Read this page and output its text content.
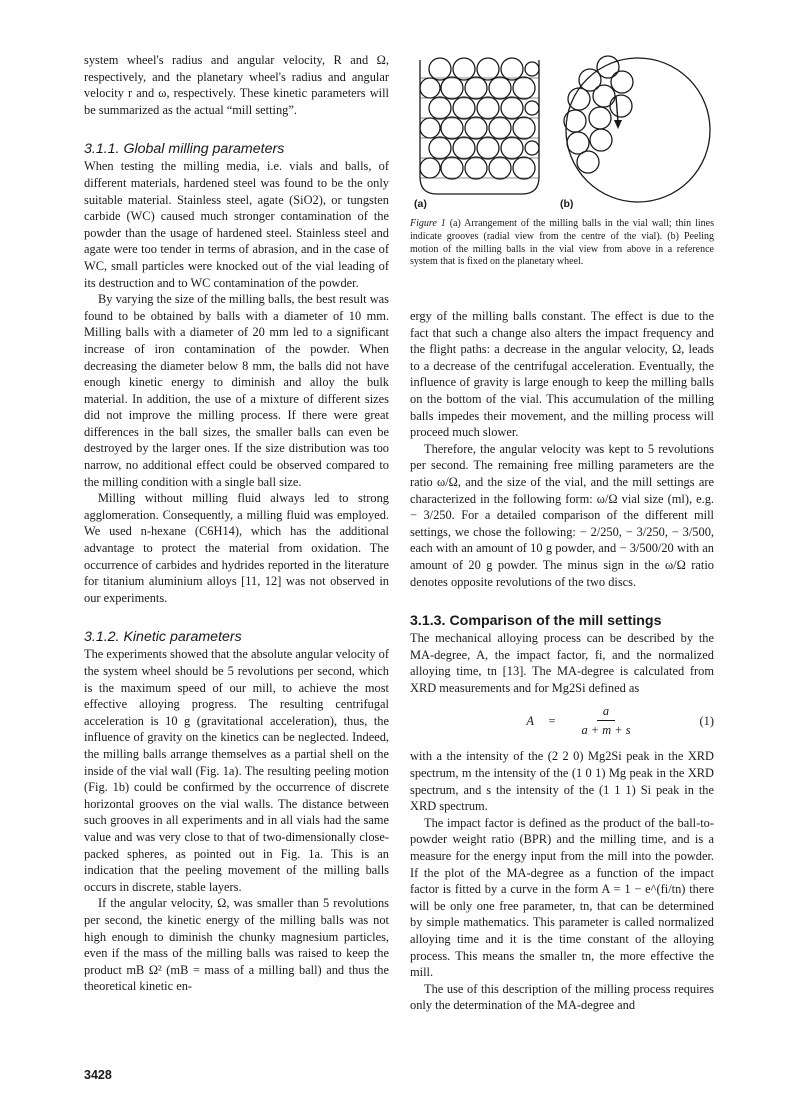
system wheel's radius and angular velocity, R and Ω, respectively, and the planetary wheel's radius and angular velocity r and ω, respectively. These kinetic parameters will be summarized as the actual “mill setting”.

3.1.1. Global milling parameters

When testing the milling media, i.e. vials and balls, of different materials, hardened steel was found to be the only suitable material. Stainless steel, agate (SiO2), or tungsten carbide (WC) caused much stronger contamination of the powder than the usage of hardened steel. Stainless steel and agate were too tender in terms of abrasion, and in the case of WC, small particles were knocked out of the vial leading of its destruction and to WC contamination of the powder.

By varying the size of the milling balls, the best result was found to be obtained by balls with a diameter of 10 mm. Milling balls with a diameter of 20 mm led to a significant increase of iron contamination of the powder. When decreasing the diameter below 8 mm, the balls did not have enough kinetic energy to diminish and alloy the bulk material. In addition, the use of a mixture of different sizes did not improve the milling process. If there were great differences in the ball sizes, the smaller balls can even be destroyed by the larger ones. If the size distribution was too narrow, no additional effect could be observed compared to the milling condition with a single ball size.

Milling without milling fluid always led to strong agglomeration. Consequently, a milling fluid was employed. We used n-hexane (C6H14), which has the additional advantage to protect the material from oxidation. The occurrence of carbides and hydrides reported in the literature for titanium aluminium alloys [11, 12] was not observed in our experiments.

3.1.2. Kinetic parameters

The experiments showed that the absolute angular velocity of the system wheel should be 5 revolutions per second, which is the maximum speed of our mill, to achieve the most effective alloying progress. The resulting centrifugal acceleration is 10 g (gravitational acceleration), thus, the influence of gravity on the kinetics can be neglected. Indeed, the milling balls arrange themselves as a partial shell on the inside of the vial wall (Fig. 1a). The resulting peeling motion (Fig. 1b) could be confirmed by the occurrence of discrete horizontal grooves on the vial walls. The distance between such grooves in all experiments and in all vials had the same value and was very close to that of two-dimensionally close-packed spheres, as pointed out in Fig. 1a. This is an indication that the peeling movement of the milling balls occurs in discrete, stable layers.

If the angular velocity, Ω, was smaller than 5 revolutions per second, the kinetic energy of the milling balls was not high enough to diminish the chunky magnesium particles, even if the mass of the milling balls was raised to keep the product mB Ω² (mB = mass of a milling ball) and thus the theoretical kinetic en-

(a)	(b)
Figure 1 (a) Arrangement of the milling balls in the vial wall; thin lines indicate grooves (radial view from the centre of the vial). (b) Peeling motion of the milling balls in the vial view from above in a reference system that is fixed on the planetary wheel.

ergy of the milling balls constant. The effect is due to the fact that such a change also alters the impact frequency and the flight paths: a decrease in the angular velocity, Ω, leads to a decrease of the centrifugal acceleration. Eventually, the influence of gravity is large enough to keep the milling balls on the bottom of the vial. This accumulation of the milling balls impedes their movement, and the milling process will proceed much slower.

Therefore, the angular velocity was kept to 5 revolutions per second. The remaining free milling parameters are the ratio ω/Ω, and the size of the vial, and the mill settings are characterized in the following form: ω/Ω vial size (ml), e.g. − 3/250. For a detailed comparison of the different mill settings, we chose the following: − 2/250, − 3/250, − 3/500, each with an amount of 10 g powder, and − 3/500/20 with an amount of 20 g powder. The minus sign in the ω/Ω ratio denotes opposite revolutions of the two discs.

3.1.3. Comparison of the mill settings

The mechanical alloying process can be described by the MA-degree, A, the impact factor, fi, and the normalized alloying time, tn [13]. The MA-degree is calculated from XRD measurements and for Mg2Si defined as

A	= $\frac{a}{a + m + s}$	(1)

with a the intensity of the (2 2 0) Mg2Si peak in the XRD spectrum, m the intensity of the (1 0 1) Mg peak in the XRD spectrum, and s the intensity of the (1 1 1) Si peak in the XRD spectrum.

The impact factor is defined as the product of the ball-to-powder weight ratio (BPR) and the milling time, and is a measure for the energy input from the mill into the powder. If the plot of the MA-degree as a function of the impact factor is fitted by a curve in the form A = 1 − e^(fi/tn) there will be only one free parameter, tn, that can be determined by simple mathematics. This parameter is called normalized alloying time and it is the time constant of the alloying process. This means the smaller tn, the more effective the mill.

The use of this description of the milling process requires only the determination of the MA-degree and

3428
